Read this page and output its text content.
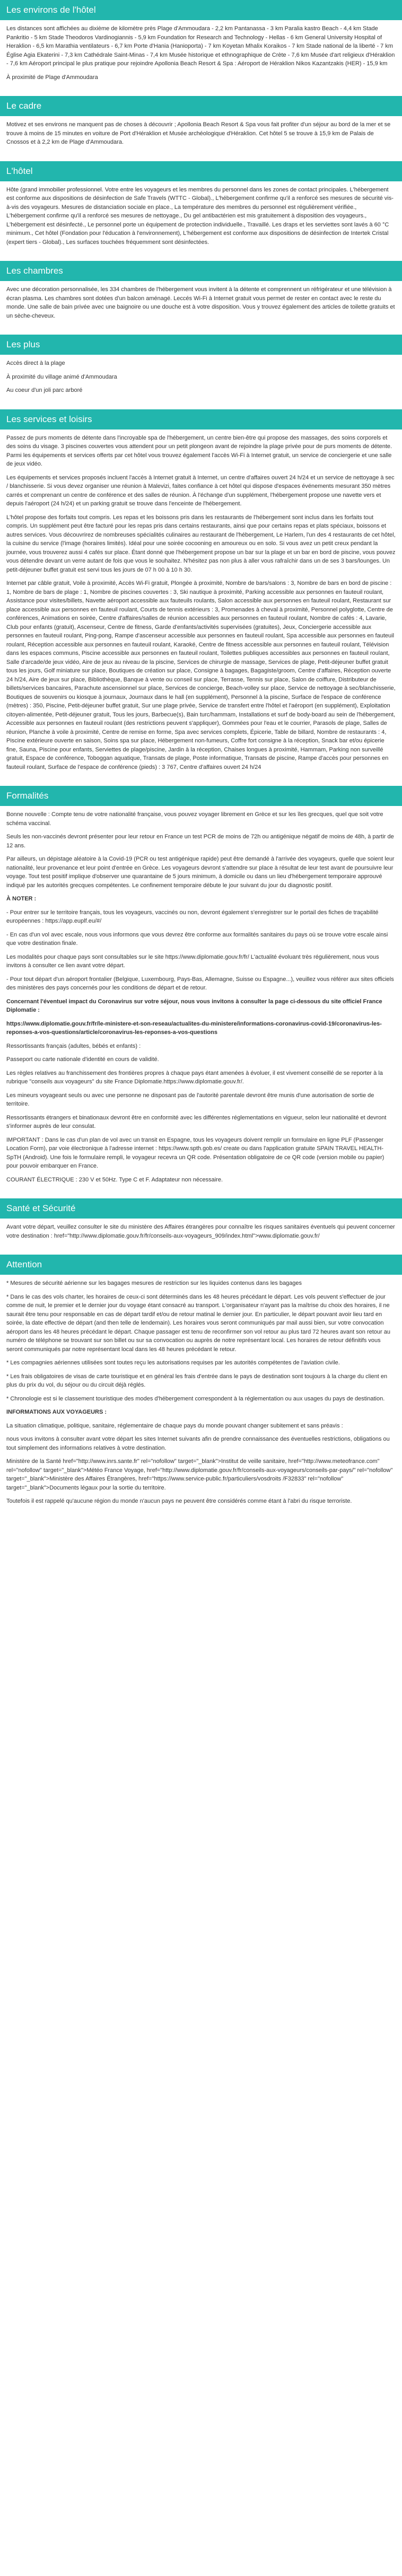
Les environs de l'hôtel

Les distances sont affichées au dixième de kilomètre près Plage d'Ammoudara - 2,2 km Pantanassa - 3 km Paralia kastro Beach - 4,4 km Stade Pankritio - 5 km Stade Theodoros Vardinogiannis - 5,9 km Foundation for Research and Technology - Hellas - 6 km General University Hospital of Heraklion - 6,5 km Marathia ventilateurs - 6,7 km Porte d'Hania (Hanioporta) - 7 km Koyetan Mhalix Koraikos - 7 km Stade national de la liberté - 7 km Église Agia Ekaterini - 7,3 km Cathédrale Saint-Minas - 7,4 km Musée historique et ethnographique de Crète - 7,6 km Musée d'art religieux d'Héraklion - 7,6 km Aéroport principal le plus pratique pour rejoindre Apollonia Beach Resort & Spa : Aéroport de Héraklion Nikos Kazantzakis (HER) - 15,9 km

À proximité de Plage d'Ammoudara

Le cadre

Motivez et ses environs ne manquent pas de choses à découvrir ; Apollonia Beach Resort & Spa vous fait profiter d'un séjour au bord de la mer et se trouve à moins de 15 minutes en voiture de Port d'Héraklion et Musée archéologique d'Héraklion. Cet hôtel 5 se trouve à 15,9 km de Palais de Cnossos et à 2,2 km de Plage d'Ammoudara.

L'hôtel

Hôte (grand immobilier professionnel. Votre entre les voyageurs et les membres du personnel dans les zones de contact principales. L'hébergement est conforme aux dispositions de désinfection de Safe Travels (WTTC - Global)., L'hébergement confirme qu'il a renforcé ses mesures de sécurité vis-à-vis des voyageurs. Mesures de distanciation sociale en place., La température des membres du personnel est régulièrement vérifiée., L'hébergement confirme qu'il a renforcé ses mesures de nettoyage., Du gel antibactérien est mis gratuitement à disposition des voyageurs., L'hébergement est désinfecté., Le personnel porte un équipement de protection individuelle., Travaillé. Les draps et les serviettes sont lavés à 60 °C minimum., Cet hôtel (Fondation pour l'éducation à l'environnement), L'hébergement est conforme aux dispositions de désinfection de Intertek Cristal (expert tiers - Global)., Les surfaces touchées fréquemment sont désinfectées.

Les chambres

Avec une décoration personnalisée, les 334 chambres de l'hébergement vous invitent à la détente et comprennent un réfrigérateur et une télévision à écran plasma. Les chambres sont dotées d'un balcon aménagé. Leccés Wi-Fi à Internet gratuit vous permet de rester en contact avec le reste du monde. Une salle de bain privée avec une baignoire ou une douche est à votre disposition. Vous y trouvez également des articles de toilette gratuits et un sèche-cheveux.

Les plus

Accès direct à la plage

À proximité du village animé d'Ammoudara

Au coeur d'un joli parc arboré

Les services et loisirs

Passez de purs moments de détente dans l'incroyable spa de l'hébergement, un centre bien-être qui propose des massages, des soins corporels et des soins du visage. 3 piscines couvertes vous attendent pour un petit plongeon avant de rejoindre la plage privée pour de purs moments de détente. Parmi les équipements et services offerts par cet hôtel vous trouvez également l'accès Wi-Fi à Internet gratuit, un service de conciergerie et une salle de jeux vidéo.

Les équipements et services proposés incluent l'accès à Internet gratuit à Internet, un centre d'affaires ouvert 24 h/24 et un service de nettoyage à sec / blanchisserie. Si vous devez organiser une réunion à Malevizi, faites confiance à cet hôtel qui dispose d'espaces événements mesurant 350 mètres carrés et comprenant un centre de conférence et des salles de réunion. À l'échange d'un supplément, l'hébergement propose une navette vers et depuis l'aéroport (24 h/24) et un parking gratuit se trouve dans l'enceinte de l'hébergement.

L'hôtel propose des forfaits tout compris. Les repas et les boissons pris dans les restaurants de l'hébergement sont inclus dans les forfaits tout compris. Un supplément peut être facturé pour les repas pris dans certains restaurants, ainsi que pour certains repas et plats spéciaux, boissons et autres services. Vous découvrirez de nombreuses spécialités culinaires au restaurant de l'hébergement, Le Harlem, l'un des 4 restaurants de cet hôtel, la cuisine du service (l'image (horaires limités). Idéal pour une soirée cocooning en amoureux ou en solo. Si vous avez un petit creux pendant la journée, vous trouverez aussi 4 cafés sur place. Étant donné que l'hébergement propose un bar sur la plage et un bar en bord de piscine, vous pouvez vous détendre devant un verre autant de fois que vous le souhaitez. N'hésitez pas non plus à aller vous rafraîchir dans un de ses 3 bars/lounges. Un petit-déjeuner buffet gratuit est servi tous les jours de 07 h 00 à 10 h 30.

Internet par câble gratuit, Voile à proximité, Accès Wi-Fi gratuit, Plongée à proximité, Nombre de bars/salons : 3, Nombre de bars en bord de piscine : 1, Nombre de bars de plage : 1, Nombre de piscines couvertes : 3, Ski nautique à proximité, Parking accessible aux personnes en fauteuil roulant, Assistance pour visites/billets, Navette aéroport accessible aux fauteuils roulants, Salon accessible aux personnes en fauteuil roulant, Restaurant sur place accessible aux personnes en fauteuil roulant, Courts de tennis extérieurs : 3, Promenades à cheval à proximité, Personnel polyglotte, Centre de conférences, Animations en soirée, Centre d'affaires/salles de réunion accessibles aux personnes en fauteuil roulant, Nombre de cafés : 4, Lavarie, Club pour enfants (gratuit), Ascenseur, Centre de fitness, Garde d'enfants/activités supervisées (gratuites), Jeux, Conciergerie accessible aux personnes en fauteuil roulant, Ping-pong, Rampe d'ascenseur accessible aux personnes en fauteuil roulant, Spa accessible aux personnes en fauteuil roulant, Réception accessible aux personnes en fauteuil roulant, Karaoké, Centre de fitness accessible aux personnes en fauteuil roulant, Télévision dans les espaces communs, Piscine accessible aux personnes en fauteuil roulant, Toilettes publiques accessibles aux personnes en fauteuil roulant, Salle d'arcade/de jeux vidéo, Aire de jeux au niveau de la piscine, Services de chirurgie de massage, Services de plage, Petit-déjeuner buffet gratuit tous les jours, Golf miniature sur place, Boutiques de création sur place, Consigne à bagages, Bagagiste/groom, Centre d'affaires, Réception ouverte 24 h/24, Aire de jeux sur place, Bibliothèque, Banque à vente ou conseil sur place, Terrasse, Tennis sur place, Salon de coiffure, Distributeur de billets/services bancaires, Parachute ascensionnel sur place, Services de concierge, Beach-volley sur place, Service de nettoyage à sec/blanchisserie, Boutiques de souvenirs ou kiosque à journaux, Journaux dans le hall (en supplément), Personnel à la piscine, Surface de l'espace de conférence (mètres) : 350, Piscine, Petit-déjeuner buffet gratuit, Sur une plage privée, Service de transfert entre l'hôtel et l'aéroport (en supplément), Exploitation citoyen-alimentée, Petit-déjeuner gratuit, Tous les jours, Barbecue(s), Bain turc/hammam, Installations et surf de body-board au sein de l'hébergement, Accessible aux personnes en fauteuil roulant (des restrictions peuvent s'appliquer), Gommées pour l'eau et le courrier, Parasols de plage, Salles de réunion, Planche à voile à proximité, Centre de remise en forme, Spa avec services complets, Épicerie, Table de billard, Nombre de restaurants : 4, Piscine extérieure ouverte en saison, Soins spa sur place, Hébergement non-fumeurs, Coffre fort consigne à la réception, Snack bar et/ou épicerie fine, Sauna, Piscine pour enfants, Serviettes de plage/piscine, Jardin à la réception, Chaises longues à proximité, Hammam, Parking non surveillé gratuit, Espace de conférence, Toboggan aquatique, Transats de plage, Poste informatique, Transats de piscine, Rampe d'accès pour personnes en fauteuil roulant, Surface de l'espace de conférence (pieds) : 3 767, Centre d'affaires ouvert 24 h/24

Formalités

Bonne nouvelle : Compte tenu de votre nationalité française, vous pouvez voyager librement en Grèce et sur les îles grecques, quel que soit votre schéma vaccinal.

Seuls les non-vaccinés devront présenter pour leur retour en France un test PCR de moins de 72h ou antigénique négatif de moins de 48h, à partir de 12 ans.

Par ailleurs, un dépistage aléatoire à la Covid-19 (PCR ou test antigénique rapide) peut être demandé à l'arrivée des voyageurs, quelle que soient leur nationalité, leur provenance et leur point d'entrée en Grèce. Les voyageurs devront s'attendre sur place à résultat de leur test avant de poursuivre leur voyage. Tout test positif implique d'observer une quarantaine de 5 jours minimum, à domicile ou dans un lieu d'hébergement temporaire approuvé indiqué par les autorités grecques compétentes. Le confinement temporaire débute le jour suivant du jour du diagnostic positif.

À NOTER :

- Pour entrer sur le territoire français, tous les voyageurs, vaccinés ou non, devront également s'enregistrer sur le portail des fiches de traçabilité européennes : https://app.euplf.eu/#/

- En cas d'un vol avec escale, nous vous informons que vous devrez être conforme aux formalités sanitaires du pays où se trouve votre escale ainsi que votre destination finale.

Les modalités pour chaque pays sont consultables sur le site https://www.diplomatie.gouv.fr/fr/ L'actualité évoluant très régulièrement, nous vous invitons à consulter ce lien avant votre départ.

- Pour tout départ d'un aéroport frontalier (Belgique, Luxembourg, Pays-Bas, Allemagne, Suisse ou Espagne...), veuillez vous référer aux sites officiels des ministères des pays concernés pour les conditions de départ et de retour.

Concernant l'éventuel impact du Coronavirus sur votre séjour, nous vous invitons à consulter la page ci-dessous du site officiel France Diplomatie :

https://www.diplomatie.gouv.fr/fr/le-ministere-et-son-reseau/actualites-du-ministere/informations-coronavirus-covid-19/coronavirus-les-reponses-a-vos-questions/article/coronavirus-les-reponses-a-vos-questions

Ressortissants français (adultes, bébés et enfants) :

Passeport ou carte nationale d'identité en cours de validité.

Les règles relatives au franchissement des frontières propres à chaque pays étant amenées à évoluer, il est vivement conseillé de se reporter à la rubrique "conseils aux voyageurs" du site France Diplomatie.https://www.diplomatie.gouv.fr/.

Les mineurs voyageant seuls ou avec une personne ne disposant pas de l'autorité parentale devront être munis d'une autorisation de sortie de territoire.

Ressortissants étrangers et binationaux devront être en conformité avec les différentes réglementations en vigueur, selon leur nationalité et devront s'informer auprès de leur consulat.

IMPORTANT : Dans le cas d'un plan de vol avec un transit en Espagne, tous les voyageurs doivent remplir un formulaire en ligne PLF (Passenger Location Form), par voie électronique à l'adresse internet : https://www.spth.gob.es/ create ou dans l'application gratuite SPAIN TRAVEL HEALTH-SpTH (Android). Une fois le formulaire rempli, le voyageur recevra un QR code. Présentation obligatoire de ce QR code (version mobile ou papier) pour pouvoir embarquer en France.

COURANT ÉLECTRIQUE : 230 V et 50Hz. Type C et F. Adaptateur non nécessaire.

Santé et Sécurité

Avant votre départ, veuillez consulter le site du ministère des Affaires étrangères pour connaître les risques sanitaires éventuels qui peuvent concerner votre destination : href="http://www.diplomatie.gouv.fr/fr/conseils-aux-voyageurs_909/index.html">www.diplomatie.gouv.fr/

Attention

* Mesures de sécurité aérienne sur les bagages mesures de restriction sur les liquides contenus dans les bagages

* Dans le cas des vols charter, les horaires de ceux-ci sont déterminés dans les 48 heures précédant le départ. Les vols peuvent s'effectuer de jour comme de nuit, le premier et le dernier jour du voyage étant consacré au transport. L'organisateur n'ayant pas la maîtrise du choix des horaires, il ne saurait être tenu pour responsable en cas de départ tardif et/ou de retour matinal le dernier jour. En particulier, le départ pouvant avoir lieu tard en soirée, la date effective de départ (and then telle de lendemain). Les horaires vous seront communiqués par mail aussi bien, sur votre convocation aéroport dans les 48 heures précédant le départ. Chaque passager est tenu de reconfirmer son vol retour au plus tard 72 heures avant son retour au numéro de téléphone se trouvant sur son billet ou sur sa convocation ou auprès de notre représentant local. Les horaires de retour définitifs vous seront communiqués par notre représentant local dans les 48 heures précédant le retour.

* Les compagnies aériennes utilisées sont toutes reçu les autorisations requises par les autorités compétentes de l'aviation civile.

* Les frais obligatoires de visas de carte touristique et en général les frais d'entrée dans le pays de destination sont toujours à la charge du client en plus du prix du vol, du séjour ou du circuit déjà réglés.

* Chronologie est si le classement touristique des modes d'hébergement correspondent à la réglementation ou aux usages du pays de destination.

INFORMATIONS AUX VOYAGEURS :

La situation climatique, politique, sanitaire, réglementaire de chaque pays du monde pouvant changer subitement et sans préavis :

nous vous invitons à consulter avant votre départ les sites Internet suivants afin de prendre connaissance des éventuelles restrictions, obligations ou tout simplement des informations relatives à votre destination.

Ministère de la Santé href="http://www.inrs.sante.fr" rel="nofollow" target="_blank">Institut de veille sanitaire, href="http://www.meteofrance.com" rel="nofollow" target="_blank">Météo France Voyage, href="http://www.diplomatie.gouv.fr/fr/conseils-aux-voyageurs/conseils-par-pays/" rel="nofollow" target="_blank">Ministère des Affaires Étrangères, href="https://www.service-public.fr/particuliers/vosdroits /F32833" rel="nofollow" target="_blank">Documents légaux pour la sortie du territoire.

Toutefois il est rappelé qu'aucune région du monde n'aucun pays ne peuvent être considérés comme étant à l'abri du risque terroriste.
